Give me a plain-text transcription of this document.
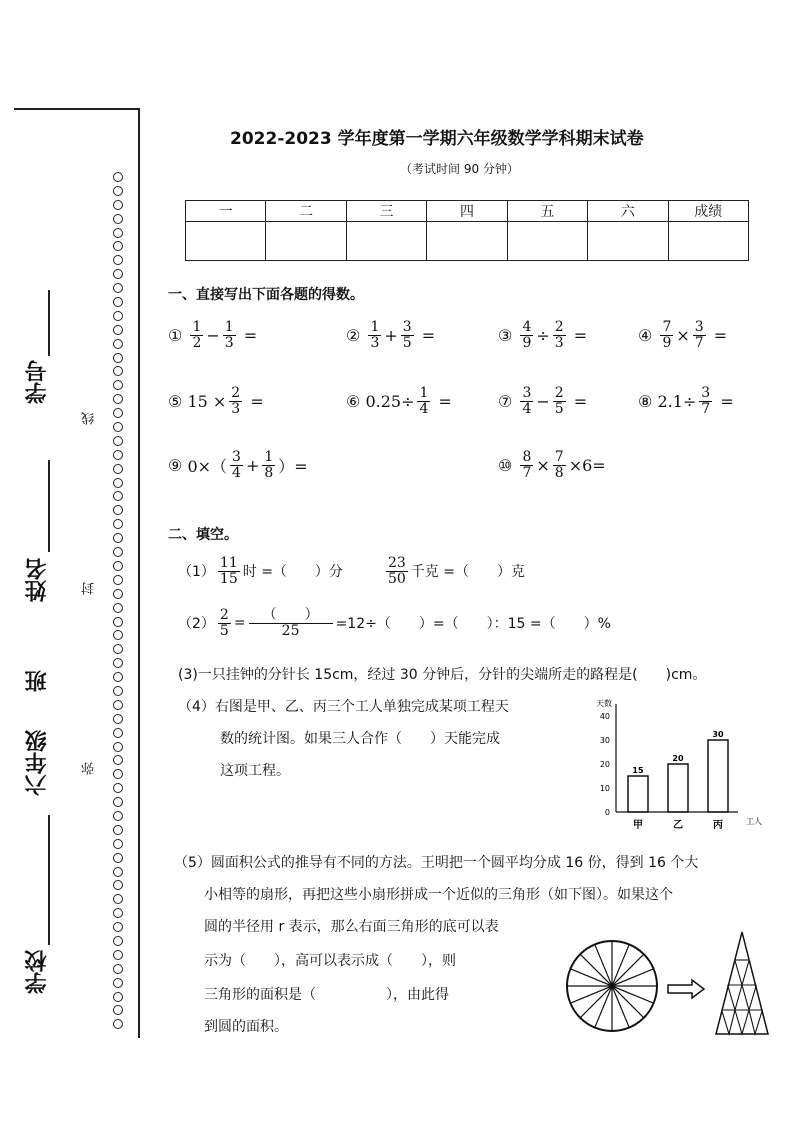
学号
姓名
班
六年级
学校
线
封
弥
2022-2023 学年度第一学期六年级数学学科期末试卷
（考试时间 90 分钟）
一	二	三	四	五	六	成绩

一、直接写出下面各题的得数。
①
$\frac{1}{2} - \frac{1}{3}$
=	②
$\frac{1}{3} + \frac{3}{5}$
=	③
$\frac{4}{9} \div \frac{2}{3}$
=	④
$\frac{7}{9} \times \frac{3}{7}$
=
⑤
$15 \times \frac{2}{3}$
=	⑥
$0.25\div \frac{1}{4}$
=	⑦
$\frac{3}{4} - \frac{2}{5}$
=	⑧
$2.1\div \frac{3}{7}$
=
⑨
$0\times( \frac{3}{4} + \frac{1}{8}$ ）=	⑩
$\frac{8}{7} \times \frac{7}{8} \times 6=$
二、填空。
$(1) \frac{11}{15}$ 时 =（　　）分	$\frac{23}{50}$ 千克 =（　　）克
$(2) \frac{2}{5} = \frac{( )}{25} =12\div$（　　）=（　　）：15 =（　　）%
(3)一只挂钟的分针长 15cm，经过 30 分钟后，分针的尖端所走的路程是(　　)cm。
（4）右图是甲、乙、丙三个工人单独完成某项工程天
数的统计图。如果三人合作（　　）天能完成
这项工程。
天数
工人
0
10
20
30
40
15
甲
20
乙
30
丙
（5）圆面积公式的推导有不同的方法。王明把一个圆平均分成 16 份，得到 16 个大
小相等的扇形，再把这些小扇形拼成一个近似的三角形（如下图）。如果这个
圆的半径用 r 表示，那么右面三角形的底可以表
示为（　　），高可以表示成（　　），则
三角形的面积是（　　　　　），由此得
到圆的面积。
